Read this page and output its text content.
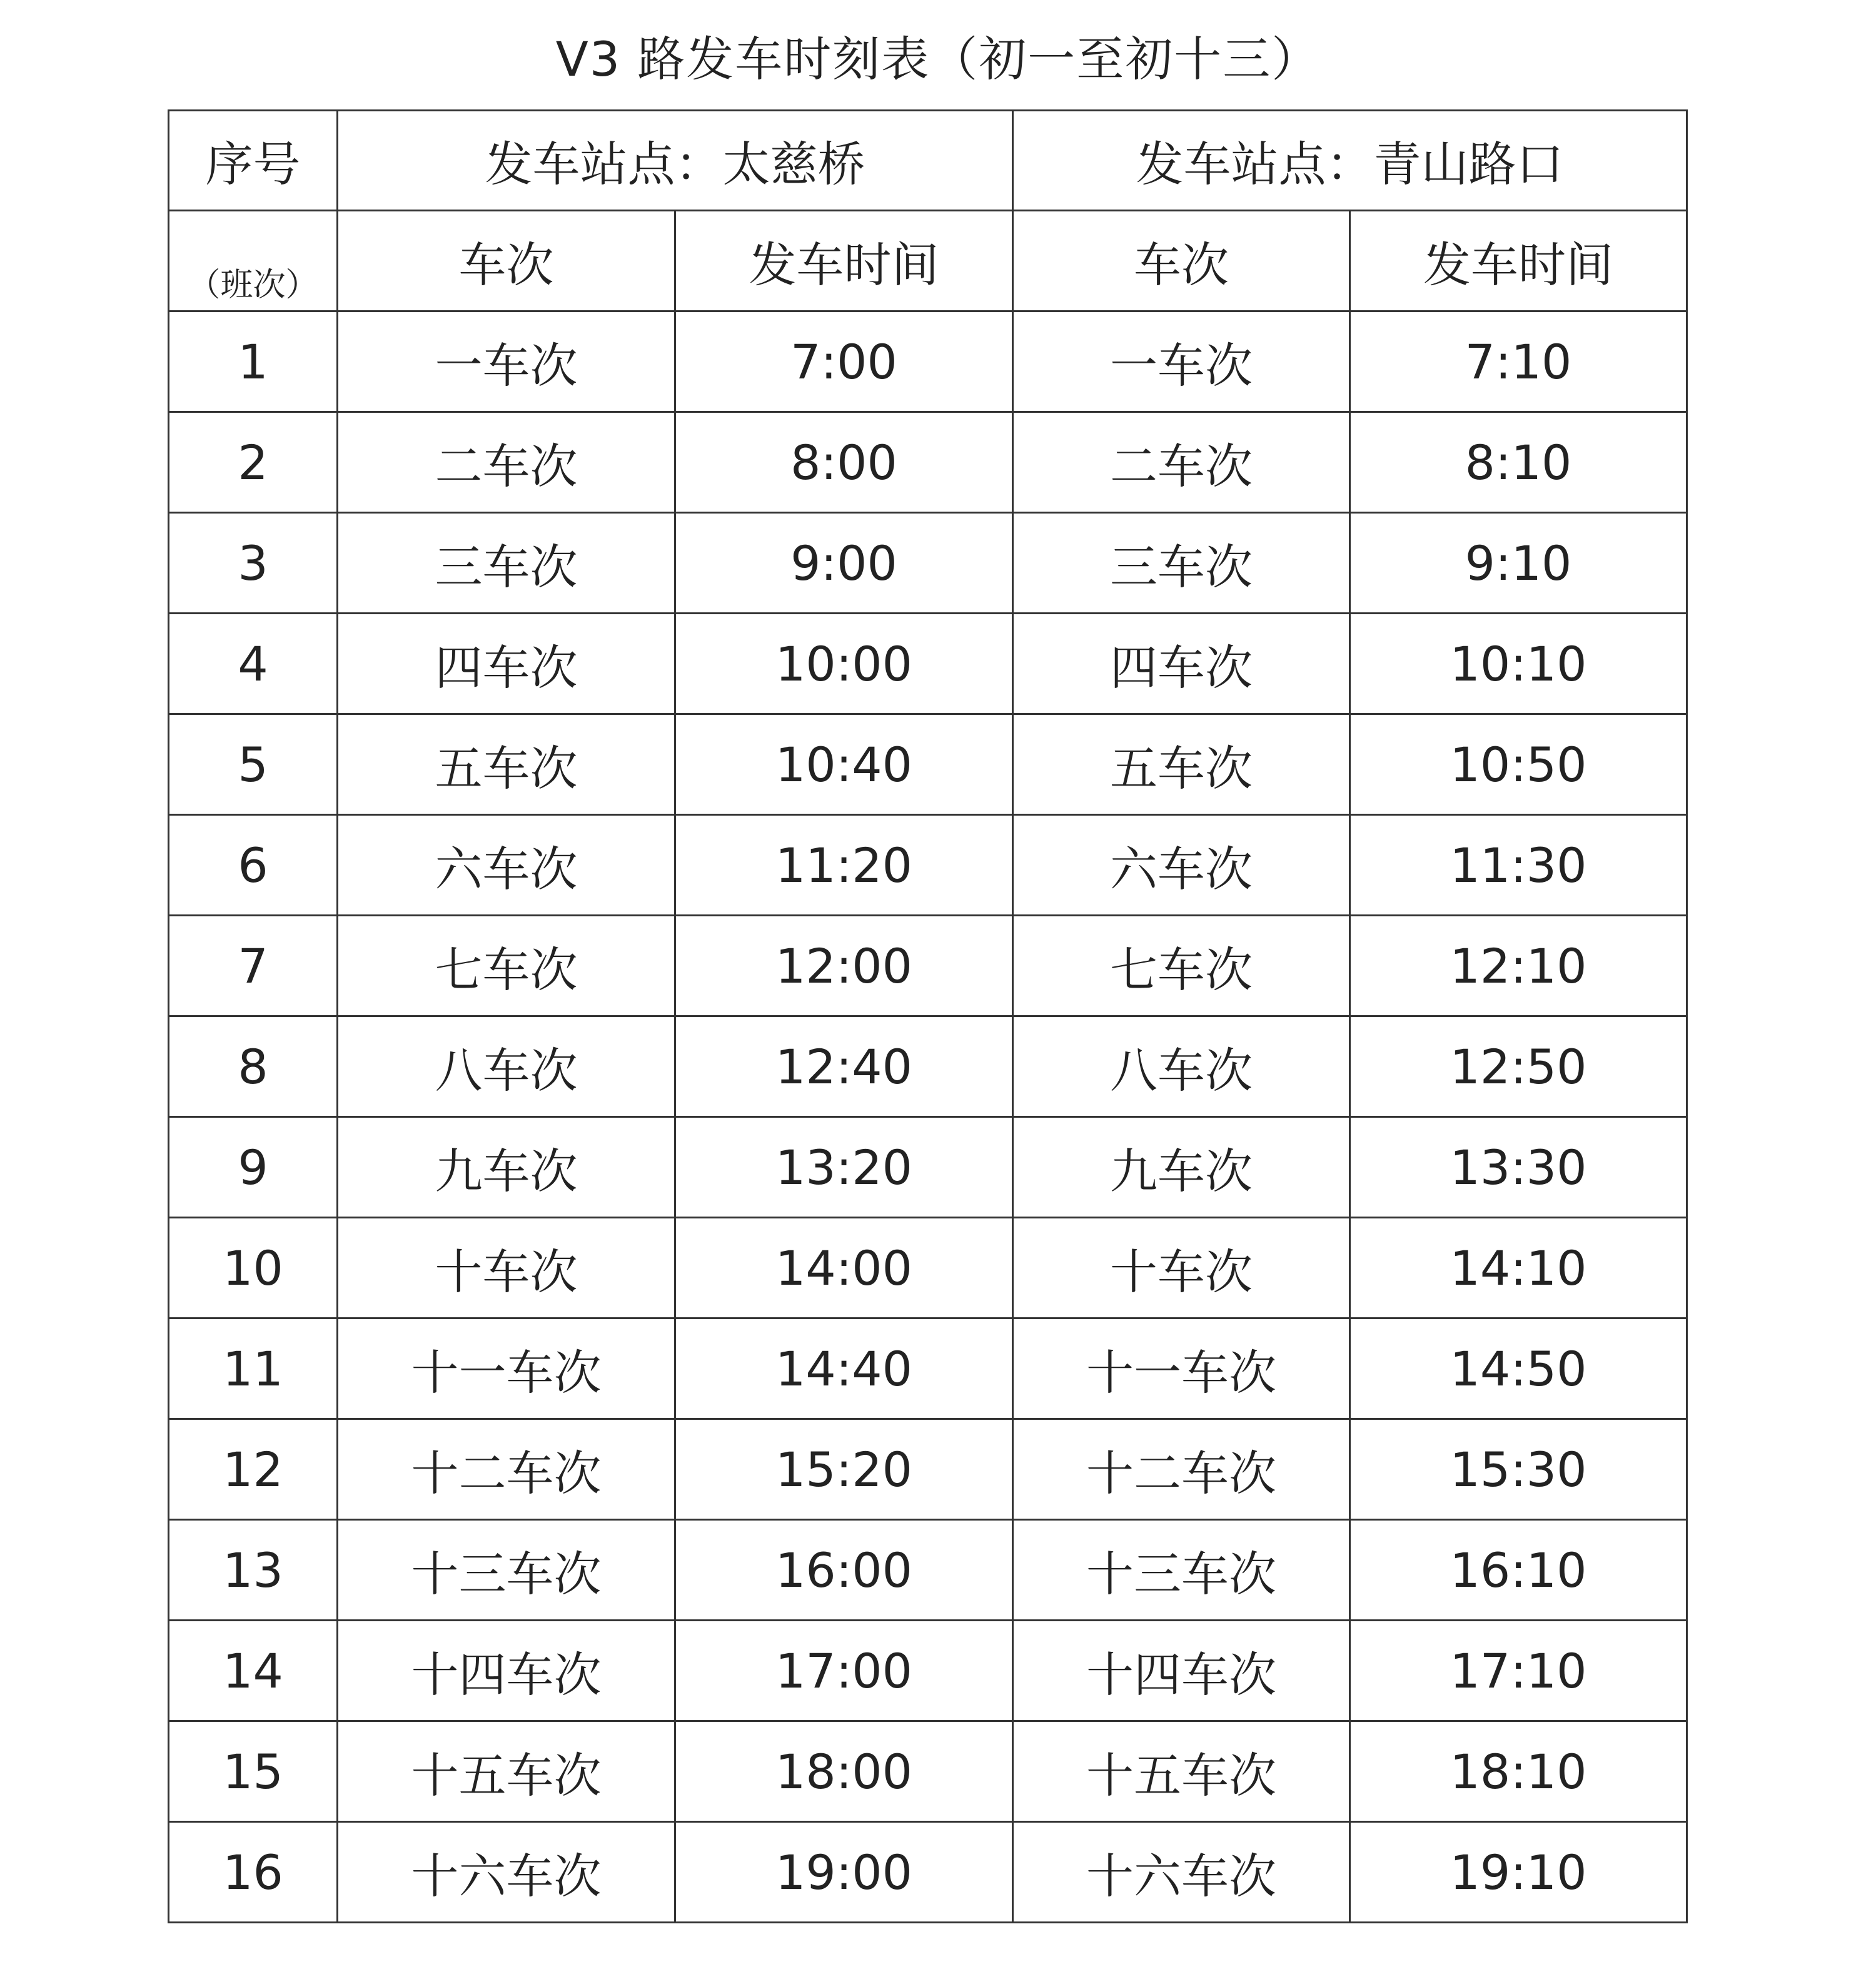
V3 路发车时刻表（初一至初十三）
序号	发车站点：太慈桥		发车站点：青山路口	

（班次）	车次	发车时间	车次	发车时间
1	一车次	7:00	一车次	7:10
2	二车次	8:00	二车次	8:10
3	三车次	9:00	三车次	9:10
4	四车次	10:00	四车次	10:10
5	五车次	10:40	五车次	10:50
6	六车次	11:20	六车次	11:30
7	七车次	12:00	七车次	12:10
8	八车次	12:40	八车次	12:50
9	九车次	13:20	九车次	13:30
10	十车次	14:00	十车次	14:10
11	十一车次	14:40	十一车次	14:50
12	十二车次	15:20	十二车次	15:30
13	十三车次	16:00	十三车次	16:10
14	十四车次	17:00	十四车次	17:10
15	十五车次	18:00	十五车次	18:10
16	十六车次	19:00	十六车次	19:10
